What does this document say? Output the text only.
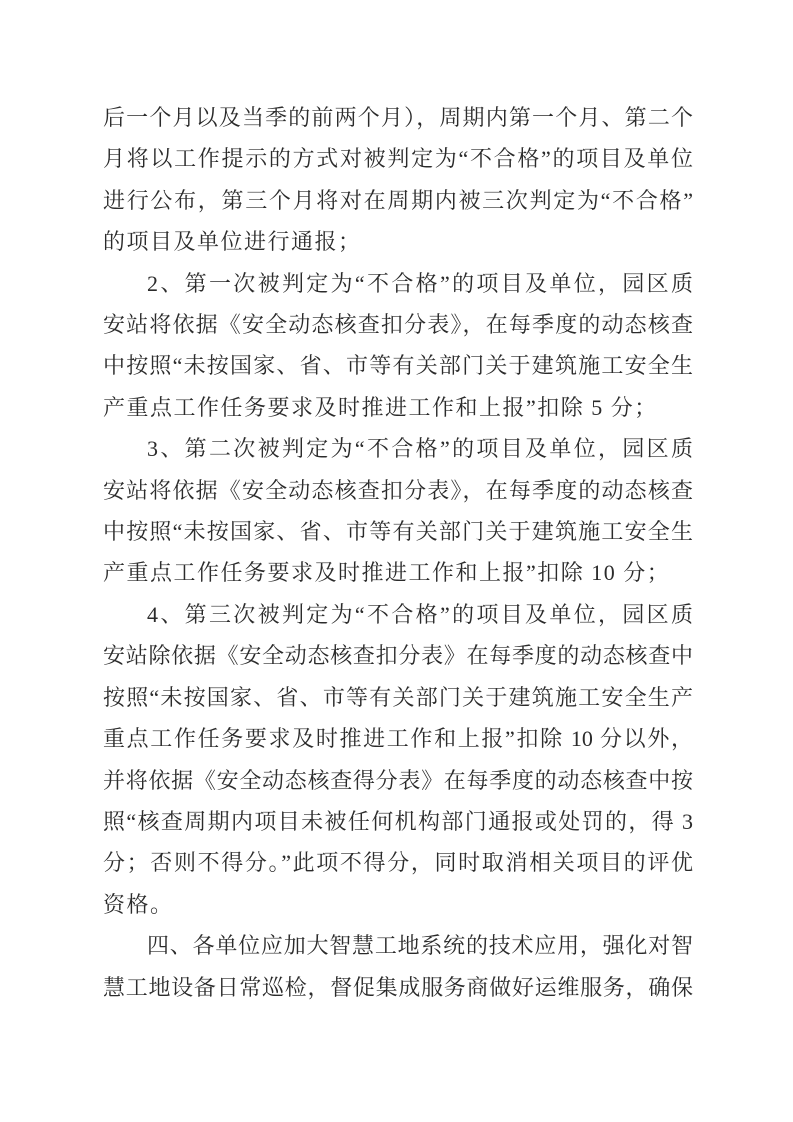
后一个月以及当季的前两个月），周期内第一个月、第二个
月将以工作提示的方式对被判定为“不合格”的项目及单位
进行公布，第三个月将对在周期内被三次判定为“不合格”
的项目及单位进行通报；
2、第一次被判定为“不合格”的项目及单位，园区质
安站将依据《安全动态核查扣分表》，在每季度的动态核查
中按照“未按国家、省、市等有关部门关于建筑施工安全生
产重点工作任务要求及时推进工作和上报”扣除 5 分；
3、第二次被判定为“不合格”的项目及单位，园区质
安站将依据《安全动态核查扣分表》，在每季度的动态核查
中按照“未按国家、省、市等有关部门关于建筑施工安全生
产重点工作任务要求及时推进工作和上报”扣除 10 分；
4、第三次被判定为“不合格”的项目及单位，园区质
安站除依据《安全动态核查扣分表》在每季度的动态核查中
按照“未按国家、省、市等有关部门关于建筑施工安全生产
重点工作任务要求及时推进工作和上报”扣除 10 分以外，
并将依据《安全动态核查得分表》在每季度的动态核查中按
照“核查周期内项目未被任何机构部门通报或处罚的，得 3
分；否则不得分。”此项不得分，同时取消相关项目的评优
资格。
四、各单位应加大智慧工地系统的技术应用，强化对智
慧工地设备日常巡检，督促集成服务商做好运维服务，确保
